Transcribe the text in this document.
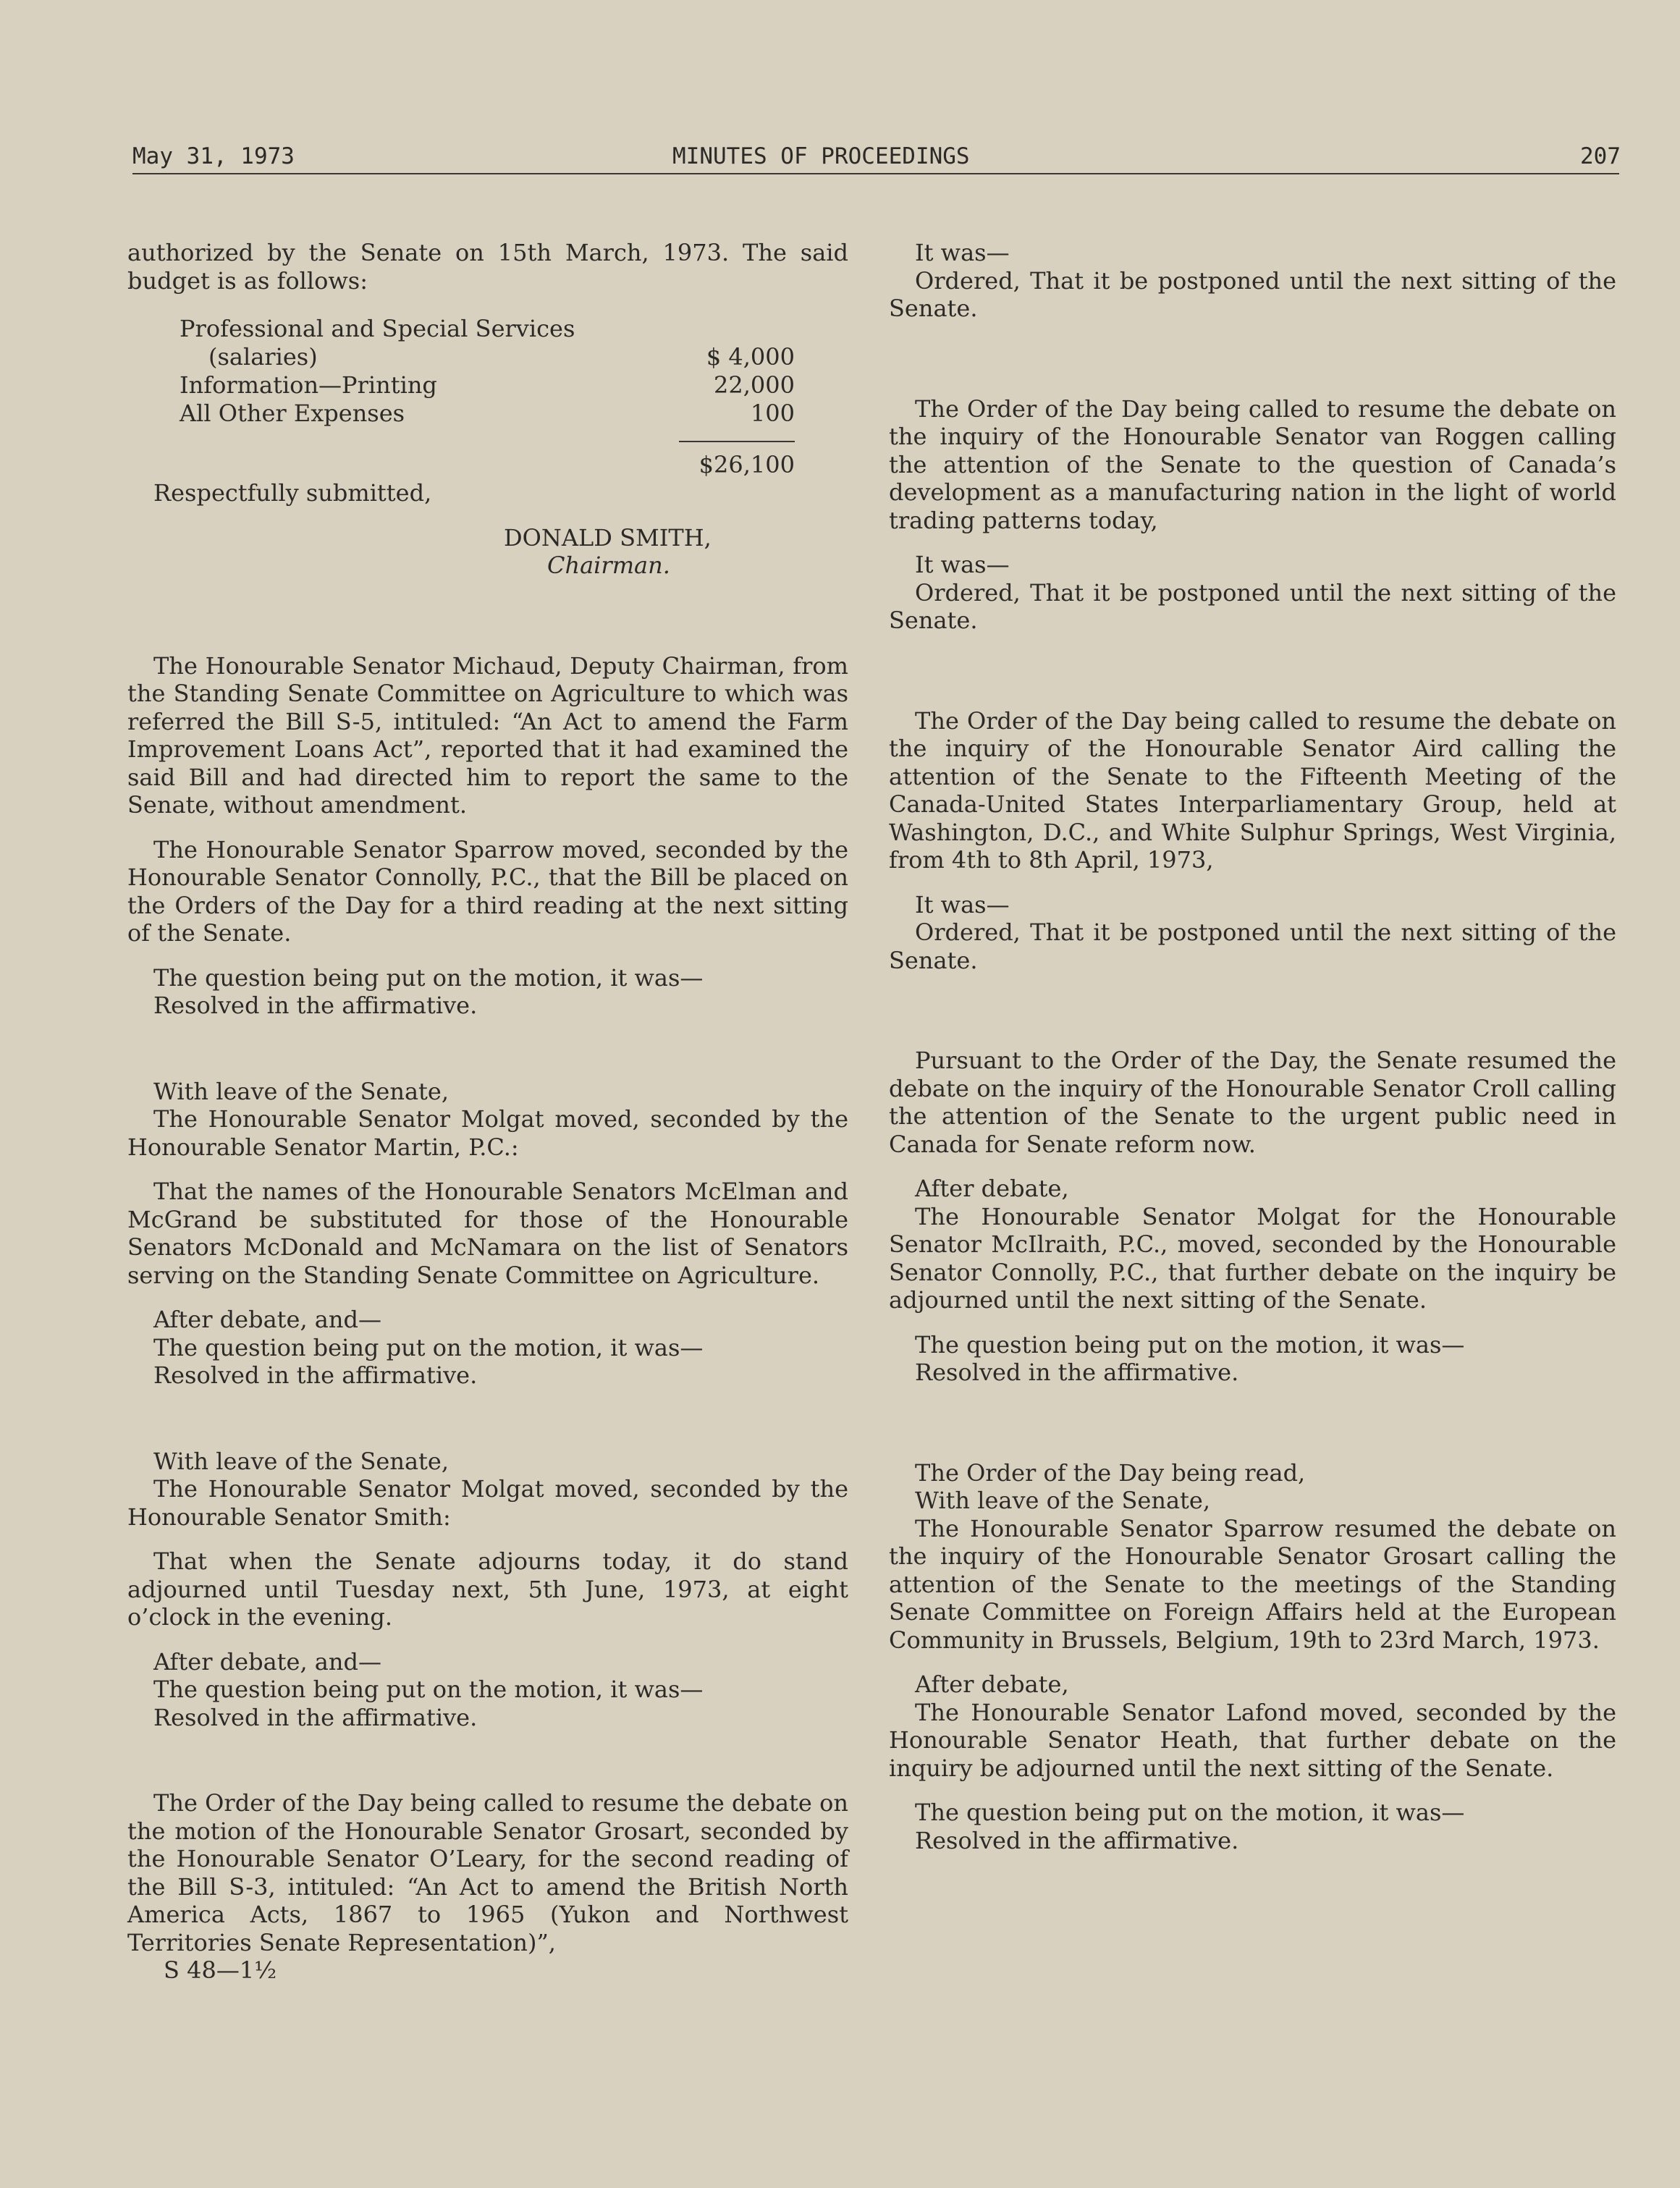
May 31, 1973	MINUTES OF PROCEEDINGS	207

authorized by the Senate on 15th March, 1973. The said budget is as follows:

Professional and Special Services
(salaries)	$ 4,000
Information—Printing	22,000
All Other Expenses	100
$26,100

Respectfully submitted,

DONALD SMITH,

Chairman.

The Honourable Senator Michaud, Deputy Chairman, from the Standing Senate Committee on Agriculture to which was referred the Bill S-5, intituled: “An Act to amend the Farm Improvement Loans Act”, reported that it had examined the said Bill and had directed him to report the same to the Senate, without amendment.

The Honourable Senator Sparrow moved, seconded by the Honourable Senator Connolly, P.C., that the Bill be placed on the Orders of the Day for a third reading at the next sitting of the Senate.

The question being put on the motion, it was—

Resolved in the affirmative.

With leave of the Senate,

The Honourable Senator Molgat moved, seconded by the Honourable Senator Martin, P.C.:

That the names of the Honourable Senators McElman and McGrand be substituted for those of the Honourable Senators McDonald and McNamara on the list of Senators serving on the Standing Senate Committee on Agriculture.

After debate, and—

The question being put on the motion, it was—

Resolved in the affirmative.

With leave of the Senate,

The Honourable Senator Molgat moved, seconded by the Honourable Senator Smith:

That when the Senate adjourns today, it do stand adjourned until Tuesday next, 5th June, 1973, at eight o’clock in the evening.

After debate, and—

The question being put on the motion, it was—

Resolved in the affirmative.

The Order of the Day being called to resume the debate on the motion of the Honourable Senator Grosart, seconded by the Honourable Senator O’Leary, for the second reading of the Bill S-3, intituled: “An Act to amend the British North America Acts, 1867 to 1965 (Yukon and Northwest Territories Senate Representation)”,

S 48—1½

It was—

Ordered, That it be postponed until the next sitting of the Senate.

The Order of the Day being called to resume the debate on the inquiry of the Honourable Senator van Roggen calling the attention of the Senate to the question of Canada’s development as a manufacturing nation in the light of world trading patterns today,

It was—

Ordered, That it be postponed until the next sitting of the Senate.

The Order of the Day being called to resume the debate on the inquiry of the Honourable Senator Aird calling the attention of the Senate to the Fifteenth Meeting of the Canada-United States Interparliamentary Group, held at Washington, D.C., and White Sulphur Springs, West Virginia, from 4th to 8th April, 1973,

It was—

Ordered, That it be postponed until the next sitting of the Senate.

Pursuant to the Order of the Day, the Senate resumed the debate on the inquiry of the Honourable Senator Croll calling the attention of the Senate to the urgent public need in Canada for Senate reform now.

After debate,

The Honourable Senator Molgat for the Honourable Senator McIlraith, P.C., moved, seconded by the Honourable Senator Connolly, P.C., that further debate on the inquiry be adjourned until the next sitting of the Senate.

The question being put on the motion, it was—

Resolved in the affirmative.

The Order of the Day being read,

With leave of the Senate,

The Honourable Senator Sparrow resumed the debate on the inquiry of the Honourable Senator Grosart calling the attention of the Senate to the meetings of the Standing Senate Committee on Foreign Affairs held at the European Community in Brussels, Belgium, 19th to 23rd March, 1973.

After debate,

The Honourable Senator Lafond moved, seconded by the Honourable Senator Heath, that further debate on the inquiry be adjourned until the next sitting of the Senate.

The question being put on the motion, it was—

Resolved in the affirmative.
